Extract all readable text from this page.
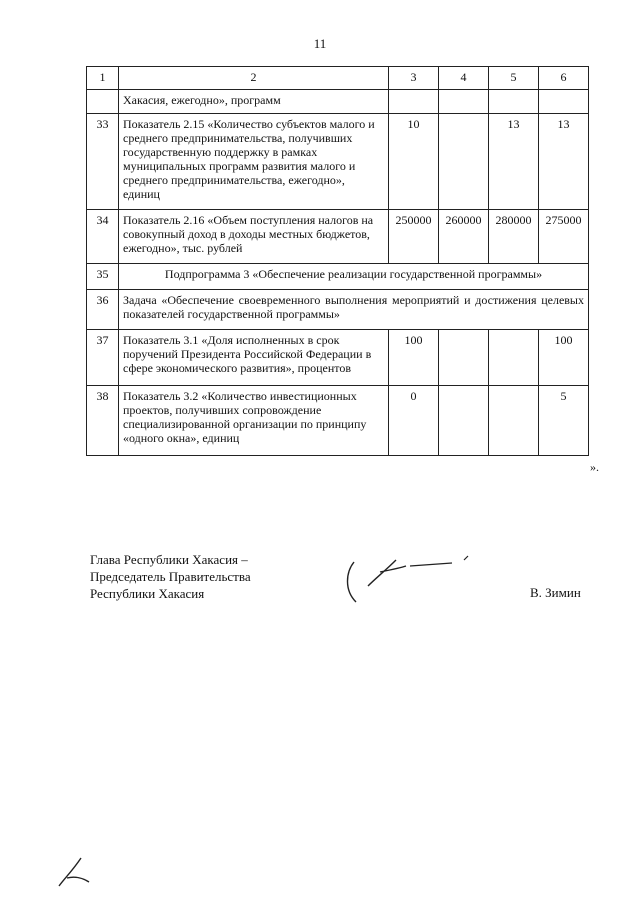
11
1	2	3	4	5	6
	Хакасия, ежегодно», программ				
33	Показатель 2.15 «Количество субъектов малого и среднего предпринимательства, получивших государственную поддержку в рамках муниципальных программ развития малого и среднего предпринимательства, ежегодно», единиц	10		13	13
34	Показатель 2.16 «Объем поступления налогов на совокупный доход в доходы местных бюджетов, ежегодно», тыс. рублей	250000	260000	280000	275000
35	Подпрограмма 3 «Обеспечение реализации государственной программы»				
36	Задача «Обеспечение своевременного выполнения мероприятий и достижения целевых показателей государственной программы»				
37	Показатель 3.1 «Доля исполненных в срок поручений Президента Российской Федерации в сфере экономического развития», процентов	100			100
38	Показатель 3.2 «Количество инвестиционных проектов, получивших сопровождение специализированной организации по принципу «одного окна», единиц	0			5
».
Глава Республики Хакасия –
Председатель Правительства
Республики Хакасия	В. Зимин
